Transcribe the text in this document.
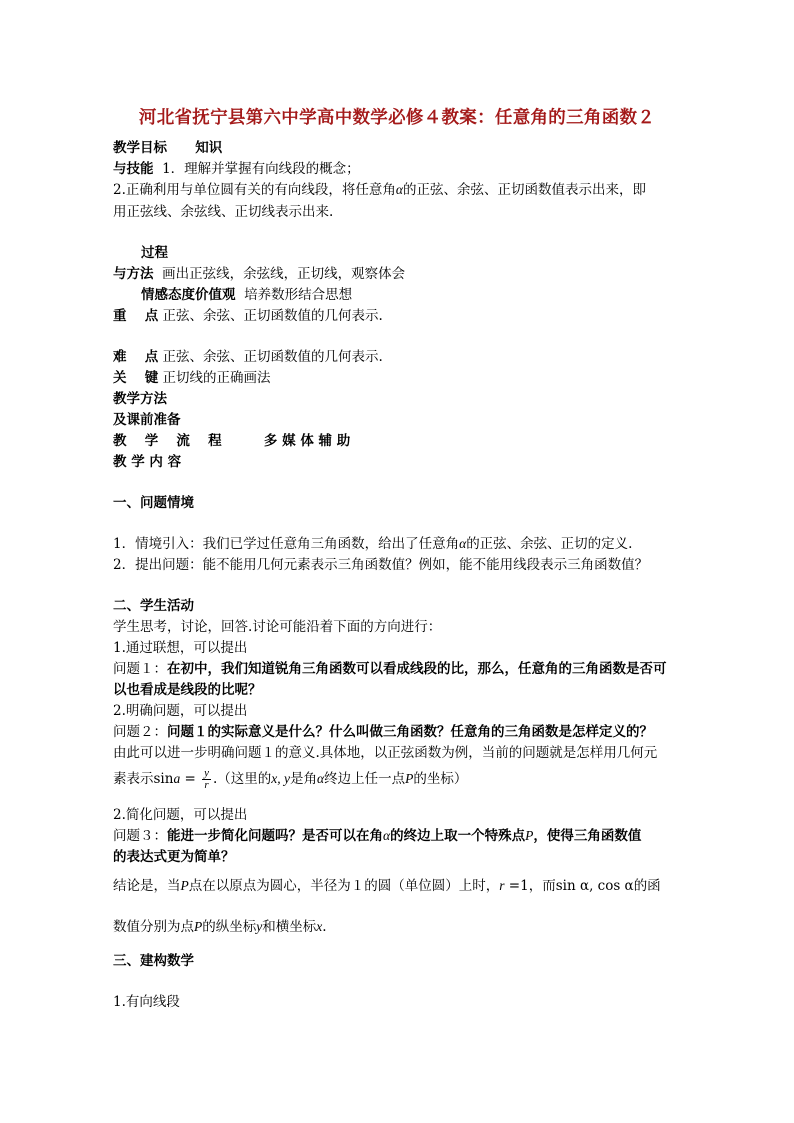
河北省抚宁县第六中学高中数学必修４教案：任意角的三角函数２
教学目标 知识
与技能 1．理解并掌握有向线段的概念；
2.正确利用与单位圆有关的有向线段，将任意角α的正弦、余弦、正切函数值表示出来，即
用正弦线、余弦线、正切线表示出来.
过程
与方法 画出正弦线，余弦线，正切线，观察体会
情感态度价值观 培养数形结合思想
重　 点 正弦、余弦、正切函数值的几何表示.
难　 点 正弦、余弦、正切函数值的几何表示.
关　 键 正切线的正确画法
教学方法
及课前准备
教　 学　 流　 程	多 媒 体 辅 助
教 学 内 容
一、问题情境
1．情境引入：我们已学过任意角三角函数，给出了任意角α的正弦、余弦、正切的定义.
2．提出问题：能不能用几何元素表示三角函数值？例如，能不能用线段表示三角函数值？
二、学生活动
学生思考，讨论，回答.讨论可能沿着下面的方向进行：
1.通过联想，可以提出
问题１：在初中，我们知道锐角三角函数可以看成线段的比，那么，任意角的三角函数是否可
以也看成是线段的比呢？
2.明确问题，可以提出
问题２：问题１的实际意义是什么？什么叫做三角函数？任意角的三角函数是怎样定义的？
由此可以进一步明确问题１的意义.具体地，以正弦函数为例，当前的问题就是怎样用几何元
素表示$\sin a = \frac{y}{r}$ .（这里的x, y是角α终边上任一点P的坐标）
2.简化问题，可以提出
问题３：能进一步简化问题吗？是否可以在角α的终边上取一个特殊点P，使得三角函数值
的表达式更为简单？
结论是，当P点在以原点为圆心，半径为１的圆（单位圆）上时，r =1，而sin α, cos α的函
数值分别为点P的纵坐标y和横坐标x.
三、建构数学
1.有向线段
